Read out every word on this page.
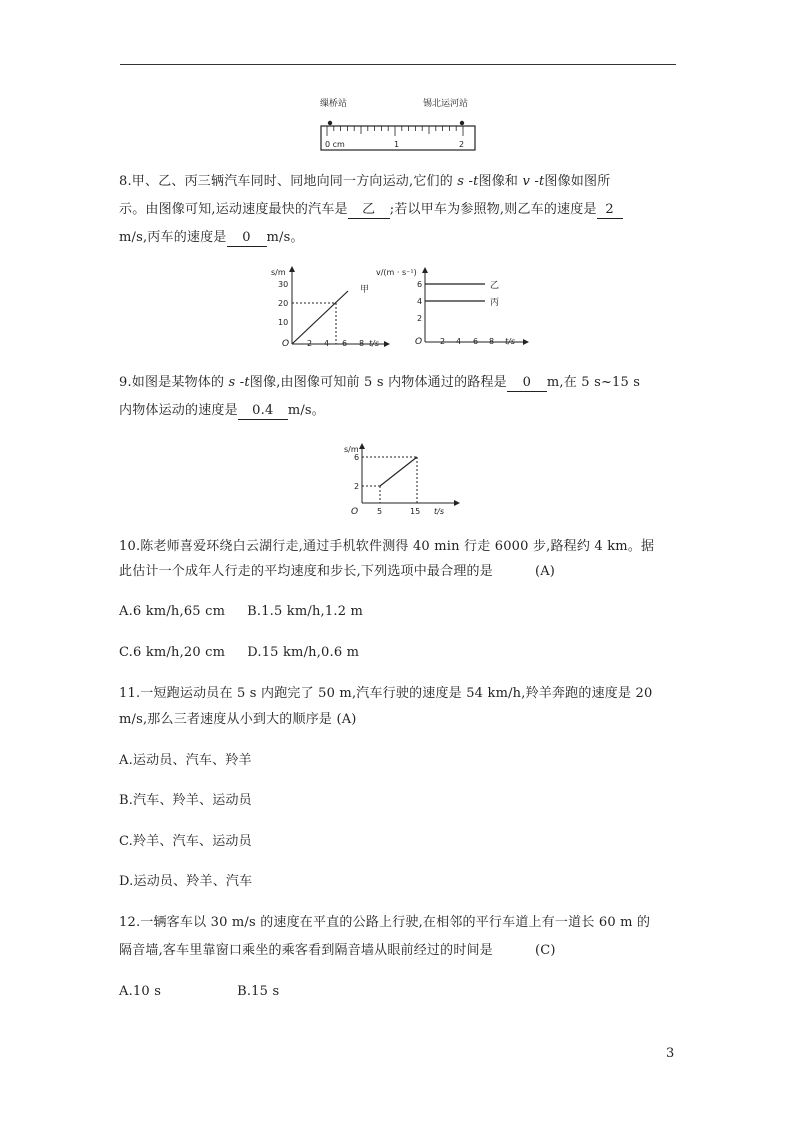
缫桥站	锡北运河站
0 cm	1	2
8.甲、乙、丙三辆汽车同时、同地向同一方向运动,它们的 s -t图像和 v -t图像如图所
示。由图像可知,运动速度最快的汽车是 乙 ;若以甲车为参照物,则乙车的速度是 2
m/s,丙车的速度是 0 m/s。
s/m
t/s
O
30
20
10
2 4 6 8
甲
v/(m · s⁻¹)
t/s
O
6
4
2
2 4 6 8
乙
丙
9.如图是某物体的 s -t图像,由图像可知前 5 s 内物体通过的路程是 0 m,在 5 s~15 s
内物体运动的速度是 0.4 m/s。
s/m
t/s
O
6
2
5	15
10.陈老师喜爱环绕白云湖行走,通过手机软件测得 40 min 行走 6000 步,路程约 4 km。据
此估计一个成年人行走的平均速度和步长,下列选项中最合理的是	(A)
A.6 km/h,65 cm B.1.5 km/h,1.2 m
C.6 km/h,20 cm D.15 km/h,0.6 m
11.一短跑运动员在 5 s 内跑完了 50 m,汽车行驶的速度是 54 km/h,羚羊奔跑的速度是 20
m/s,那么三者速度从小到大的顺序是 (A)
A.运动员、汽车、羚羊
B.汽车、羚羊、运动员
C.羚羊、汽车、运动员
D.运动员、羚羊、汽车
12.一辆客车以 30 m/s 的速度在平直的公路上行驶,在相邻的平行车道上有一道长 60 m 的
隔音墙,客车里靠窗口乘坐的乘客看到隔音墙从眼前经过的时间是	(C)
A.10 s	B.15 s
3
